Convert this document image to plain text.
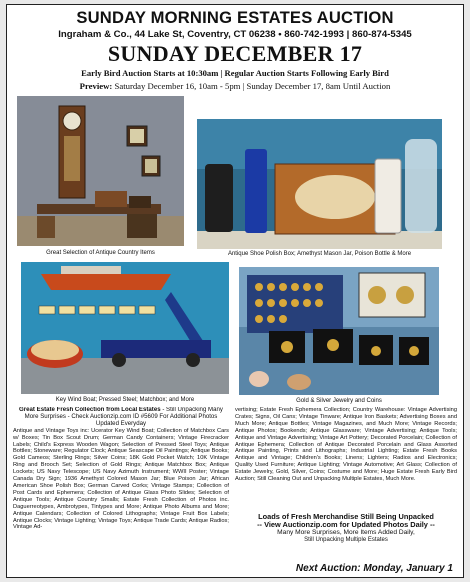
SUNDAY MORNING ESTATES AUCTION
Ingraham & Co., 44 Lake St, Coventry, CT 06238 • 860-742-1993 | 860-874-5345
SUNDAY DECEMBER 17
Early Bird Auction Starts at 10:30am | Regular Auction Starts Following Early Bird
Preview: Saturday December 16, 10am - 5pm | Sunday December 17, 8am Until Auction
Great Selection of Antique Country Items	Antique Shoe Polish Box; Amethyst Mason Jar, Poison Bottle & More
Key Wind Boat; Pressed Steel; Matchbox; and More	Gold & Silver Jewelry and Coins
Great Estate Fresh Collection from Local Estates - Still Unpacking Many More Surprises - Check Auctionzip.com ID #5609 For Additional Photos Updated Everyday
Antique and Vintage Toys inc: Ucerator Key Wind Boat; Collection of Matchbox Cars w/ Boxes; Tin Box Scout Drum; German Candy Containers; Vintage Firecracker Labels; Child's Express Wooden Wagon; Selection of Pressed Steel Toys; Antique Bottles; Stoneware; Regulator Clock; Antique Seascape Oil Paintings; Antique Books; Gold Cameos; Sterling Rings; Silver Coins; 18K Gold Pocket Watch; 10K Vintage Ring and Brooch Set; Selection of Gold Rings; Antique Matchbox Box; Antique Lockets; US Navy Telescope; US Navy Azimuth Instrument; WWII Poster; Vintage Canada Dry Sign; 1936 Amethyst Colored Mason Jar; Blue Poison Jar; African American Shoe Polish Box; German Carved Corks; Vintage Stamps; Collection of Post Cards and Ephemera; Collection of Antique Glass Photo Slides; Selection of Antique Tools; Antique Country Smalls; Estate Fresh Collection of Photos inc. Daguerreotypes, Ambrotypes, Tintypes and More; Antique Photo Albums and More; Antique Calendars; Collection of Colored Lithographs; Vintage Fruit Box Labels; Antique Clocks; Vintage Lighting; Vintage Toys; Antique Trade Cards; Antique Radios; Vintage Ad-
vertising; Estate Fresh Ephemera Collection; Country Warehouse: Vintage Advertising Crates; Signs, Oil Cans; Vintage Tinware; Antique Iron Baskets; Advertising Boxes and Much More; Antique Bottles; Vintage Magazines, and Much More; Vintage Records; Antique Photos; Bookends; Antique Glassware; Vintage Advertising; Antique Tools; Antique and Vintage Advertising; Vintage Art Pottery; Decorated Porcelain; Collection of Antique Ephemera; Collection of Antique Decorated Porcelain and Glass Assorted Antique Painting, Prints and Lithographs; Industrial Lighting; Estate Fresh Books Antique and Vintage; Children's Books; Linens; Lighters; Radios and Electronics; Quality Used Furniture; Antique Lighting; Vintage Automotive; Art Glass; Collection of Estate Jewelry, Gold, Silver, Coins; Costume and More; Huge Estate Fresh Early Bird Auction; Still Cleaning Out and Unpacking Multiple Estates, Much More.
Loads of Fresh Merchandise Still Being Unpacked
-- View Auctionzip.com for Updated Photos Daily --
Many More Surprises, More Items Added Daily,
Still Unpacking Multiple Estates
Next Auction: Monday, January 1
